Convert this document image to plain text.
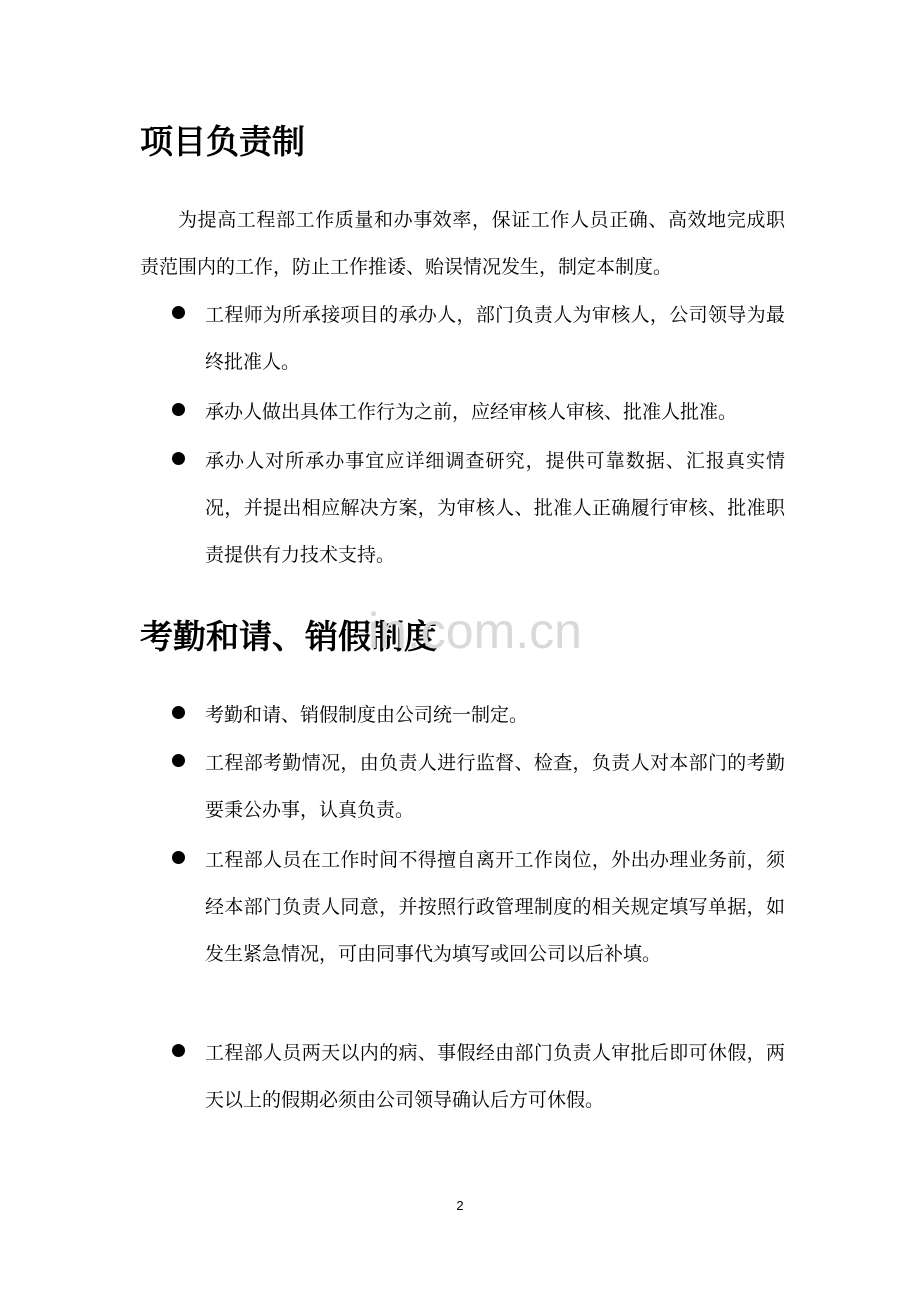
项目负责制

为提高工程部工作质量和办事效率，保证工作人员正确、高效地完成职责范围内的工作，防止工作推诿、贻误情况发生，制定本制度。

工程师为所承接项目的承办人，部门负责人为审核人，公司领导为最终批准人。

承办人做出具体工作行为之前，应经审核人审核、批准人批准。

承办人对所承办事宜应详细调查研究，提供可靠数据、汇报真实情况，并提出相应解决方案，为审核人、批准人正确履行审核、批准职责提供有力技术支持。

考勤和请、销假制度
in.com.cn

考勤和请、销假制度由公司统一制定。

工程部考勤情况，由负责人进行监督、检查，负责人对本部门的考勤要秉公办事，认真负责。

工程部人员在工作时间不得擅自离开工作岗位，外出办理业务前，须经本部门负责人同意，并按照行政管理制度的相关规定填写单据，如发生紧急情况，可由同事代为填写或回公司以后补填。

工程部人员两天以内的病、事假经由部门负责人审批后即可休假，两天以上的假期必须由公司领导确认后方可休假。

2
